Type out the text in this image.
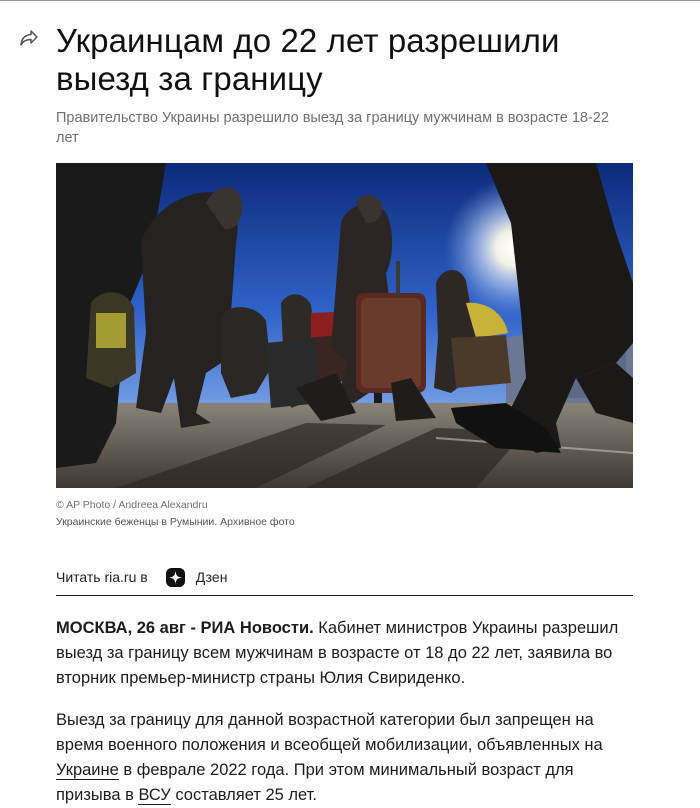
Украинцам до 22 лет разрешили выезд за границу
Правительство Украины разрешило выезд за границу мужчинам в возрасте 18-22 лет
© AP Photo / Andreea Alexandru
Украинские беженцы в Румынии. Архивное фото
Читать ria.ru в	Дзен

МОСКВА, 26 авг - РИА Новости. Кабинет министров Украины разрешил выезд за границу всем мужчинам в возрасте от 18 до 22 лет, заявила во вторник премьер-министр страны Юлия Свириденко.

Выезд за границу для данной возрастной категории был запрещен на время военного положения и всеобщей мобилизации, объявленных на Украине в феврале 2022 года. При этом минимальный возраст для призыва в ВСУ составляет 25 лет.
